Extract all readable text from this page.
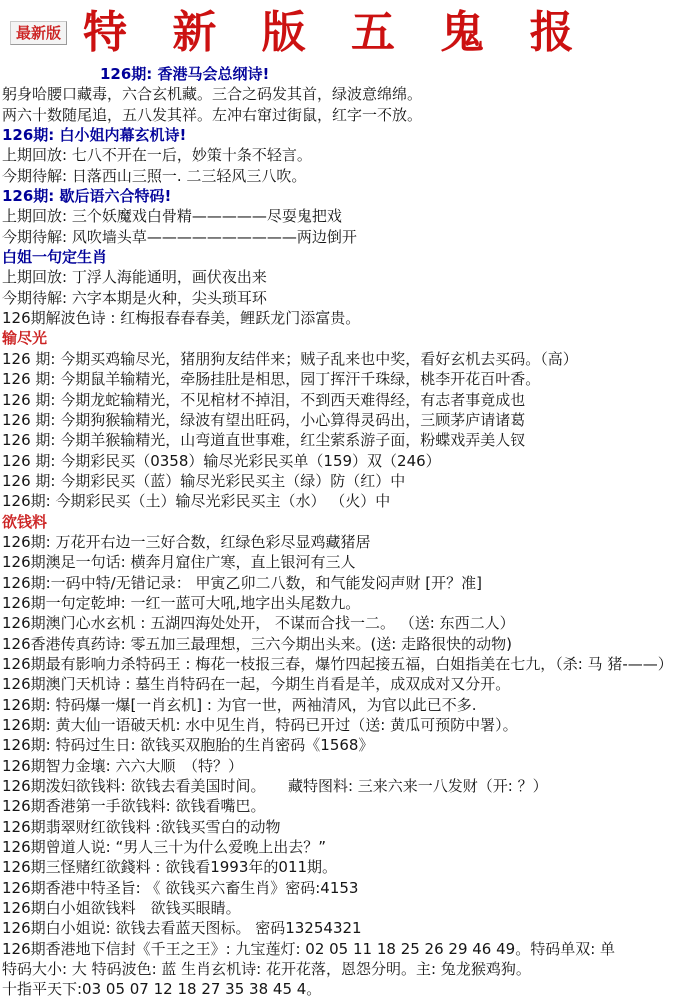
最新版 特 新 版 五 鬼 报
126期: 香港马会总纲诗!
躬身哈腰口藏毒，六合玄机藏。三合之码发其首，绿波意绵绵。
两六十数随尾追，五八发其祥。左冲右窜过街鼠，红字一不放。
126期: 白小姐内幕玄机诗!
上期回放: 七八不开在一后，妙策十条不轻言。
今期待解: 日落西山三照一. 二三轻风三八吹。
126期: 歇后语六合特码!
上期回放: 三个妖魔戏白骨精—————尽耍鬼把戏
今期待解: 风吹墙头草——————————两边倒开
白姐一句定生肖
上期回放: 丁浮人海能通明，画伏夜出来
今期待解: 六字本期是火种，尖头琐耳环
126期解波色诗 : 红梅报春春春美，鲤跃龙门添富贵。
输尽光
126 期: 今期买鸡输尽光，猪朋狗友结伴来；贼子乱来也中奖，看好玄机去买码。（高）
126 期: 今期鼠羊输精光，牵肠挂肚是相思，园丁挥汗千珠绿，桃李开花百叶香。
126 期: 今期龙蛇输精光，不见棺材不掉泪，不到西天难得经，有志者事竟成也
126 期: 今期狗猴输精光，绿波有望出旺码，小心算得灵码出，三顾茅庐请诸葛
126 期: 今期羊猴输精光，山弯道直世事难，红尘萦系游子面，粉蝶戏弄美人钗
126 期: 今期彩民买（0358）输尽光彩民买单（159）双（246）
126 期: 今期彩民买（蓝）输尽光彩民买主（绿）防（红）中
126期: 今期彩民买（土）输尽光彩民买主（水） （火）中
欲钱料
126期: 万花开右边一三好合数，红绿色彩尽显鸡藏猪居
126期澳足一句话: 横奔月窟住广寒，直上银河有三人
126期:一码中特/无错记录： 甲寅乙卯二八数，和气能发闷声财 [开？准]
126期一句定乾坤: 一红一蓝可大吼,地字出头尾数九。
126期澳门心水玄机 : 五湖四海处处开， 不谋而合找一二。 （送: 东西二人）
126香港传真药诗: 零五加三最理想，三六今期出头来。(送: 走路很快的动物)
126期最有影响力杀特码王 : 梅花一枝报三春，爆竹四起接五福，白姐指美在七九，（杀: 马 猪-——）
126期澳门天机诗 : 墓生肖特码在一起，今期生肖看是羊，成双成对又分开。
126期: 特码爆一爆[一肖玄机] : 为官一世，两袖清风，为官以此已不多.
126期: 黄大仙一语破天机: 水中见生肖，特码已开过（送: 黄瓜可预防中署）。
126期: 特码过生日: 欲钱买双胞胎的生肖密码《1568》
126期智力金壤: 六六大顺　（特？）
126期泼妇欲钱料: 欲钱去看美国时间。　　藏特图料: 三来六来一八发财（开: ？）
126期香港第一手欲钱料: 欲钱看嘴巴。
126期翡翠财红欲钱料 :欲钱买雪白的动物
126期曾道人说: “男人三十为什么爱晚上出去？”
126期三怪赌红欲錢料 : 欲钱看1993年的011期。
126期香港中特圣旨: 《 欲钱买六畜生肖》密码:4153
126期白小姐欲钱料　欲钱买眼睛。
126期白小姐说: 欲钱去看蓝天图标。 密码13254321
126期香港地下信封《千王之王》: 九宝莲灯: 02 05 11 18 25 26 29 46 49。特码单双: 单
特码大小: 大 特码波色: 蓝 生肖玄机诗: 花开花落，恩怨分明。主: 兔龙猴鸡狗。
十指平天下:03 05 07 12 18 27 35 38 45 4。
